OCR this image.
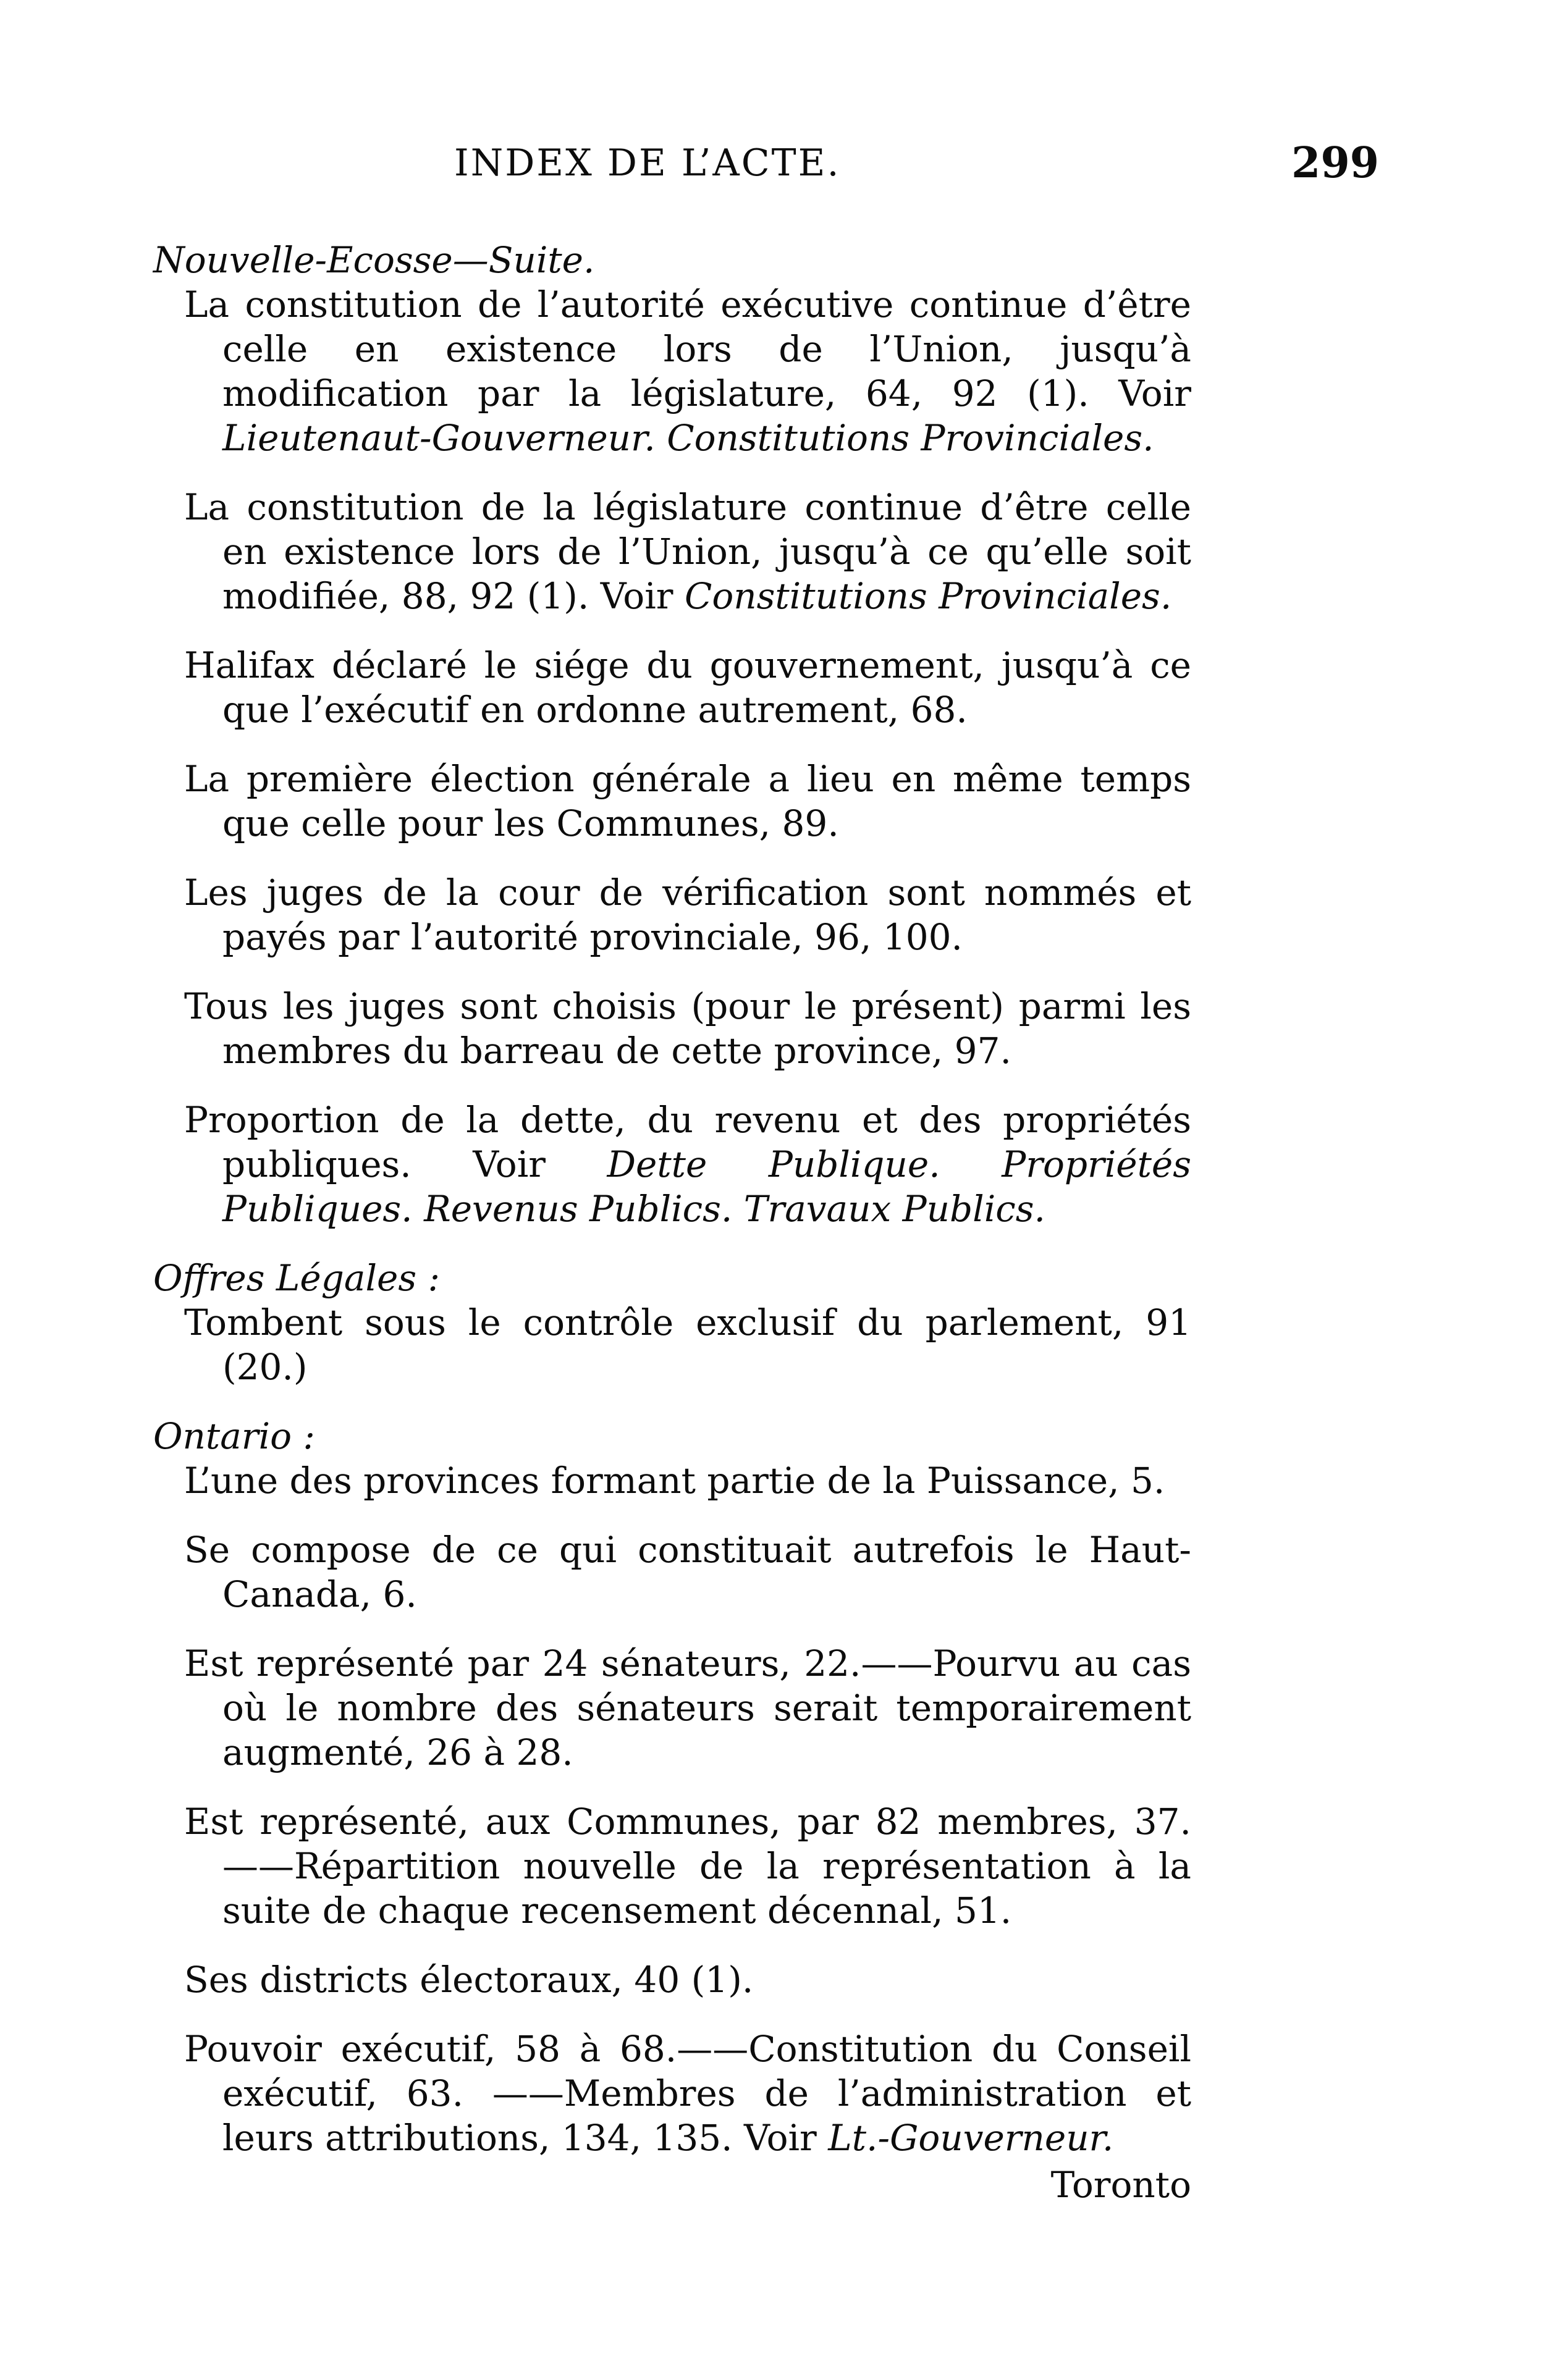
INDEX DE L’ACTE.	299

Nouvelle-Ecosse—Suite.

La constitution de l’autorité exécutive continue d’être celle en existence lors de l’Union, jusqu’à modification par la législature, 64, 92 (1). Voir Lieutenaut-Gouverneur. Constitutions Provinciales.

La constitution de la législature continue d’être celle en existence lors de l’Union, jusqu’à ce qu’elle soit modifiée, 88, 92 (1). Voir Constitutions Provinciales.

Halifax déclaré le siége du gouvernement, jusqu’à ce que l’exécutif en ordonne autrement, 68.

La première élection générale a lieu en même temps que celle pour les Communes, 89.

Les juges de la cour de vérification sont nommés et payés par l’autorité provinciale, 96, 100.

Tous les juges sont choisis (pour le présent) parmi les membres du barreau de cette province, 97.

Proportion de la dette, du revenu et des propriétés publiques. Voir Dette Publique. Propriétés Publiques. Revenus Publics. Travaux Publics.

Offres Légales :

Tombent sous le contrôle exclusif du parlement, 91 (20.)

Ontario :

L’une des provinces formant partie de la Puissance, 5.

Se compose de ce qui constituait autrefois le Haut-Canada, 6.

Est représenté par 24 sénateurs, 22.——Pourvu au cas où le nombre des sénateurs serait temporairement augmenté, 26 à 28.

Est représenté, aux Communes, par 82 membres, 37.——Répartition nouvelle de la représentation à la suite de chaque recensement décennal, 51.

Ses districts électoraux, 40 (1).

Pouvoir exécutif, 58 à 68.——Constitution du Conseil exécutif, 63. ——Membres de l’administration et leurs attributions, 134, 135. Voir Lt.-Gouverneur.

Toronto
